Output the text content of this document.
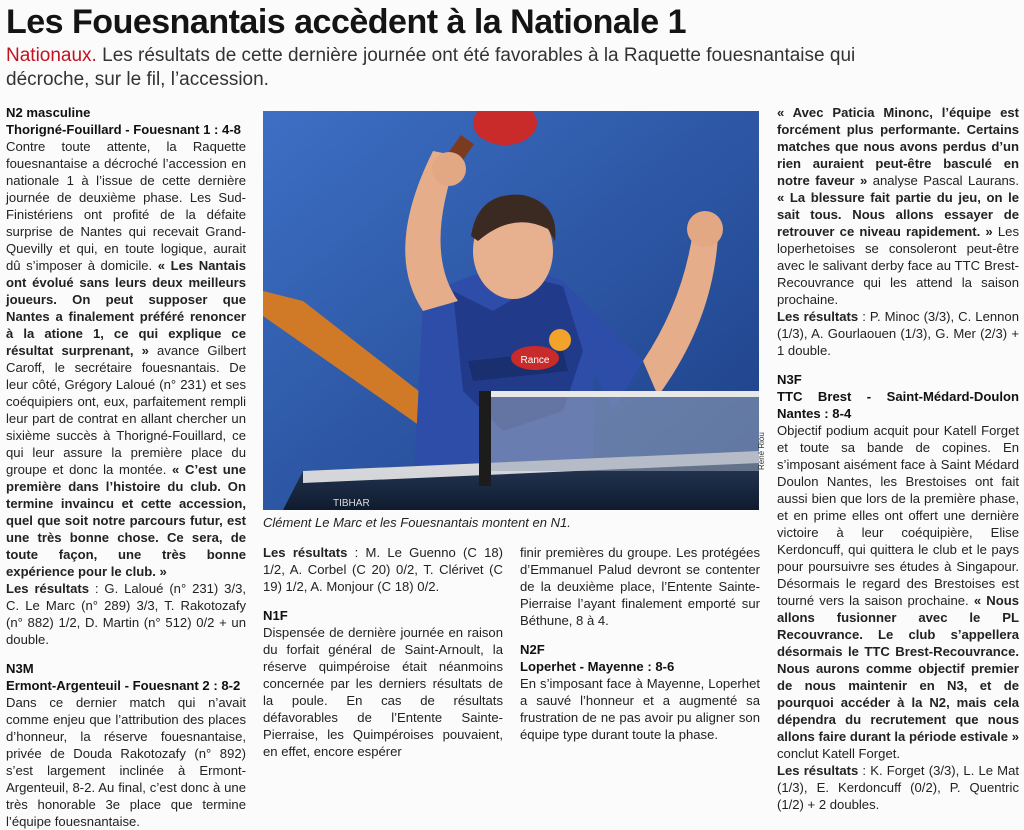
Les Fouesnantais accèdent à la Nationale 1
Nationaux. Les résultats de cette dernière journée ont été favorables à la Raquette fouesnantaise qui décroche, sur le fil, l’accession.

N2 masculine

Thorigné-Fouillard - Fouesnant 1 : 4-8

Contre toute attente, la Raquette fouesnantaise a décroché l’accession en nationale 1 à l’issue de cette dernière journée de deuxième phase. Les Sud-Finistériens ont profité de la défaite surprise de Nantes qui recevait Grand-Quevilly et qui, en toute logique, aurait dû s’imposer à domicile. « Les Nantais ont évolué sans leurs deux meilleurs joueurs. On peut supposer que Nantes a finalement préféré renoncer à la atione 1, ce qui explique ce résultat surprenant, » avance Gilbert Caroff, le secrétaire fouesnantais. De leur côté, Grégory Laloué (n° 231) et ses coéquipiers ont, eux, parfaitement rempli leur part de contrat en allant chercher un sixième succès à Thorigné-Fouillard, ce qui leur assure la première place du groupe et donc la montée. « C’est une première dans l’histoire du club. On termine invaincu et cette accession, quel que soit notre parcours futur, est une très bonne chose. Ce sera, de toute façon, une très bonne expérience pour le club. »

Les résultats : G. Laloué (n° 231) 3/3, C. Le Marc (n° 289) 3/3, T. Rakotozafy (n° 882) 1/2, D. Martin (n° 512) 0/2 + un double.

N3M

Ermont-Argenteuil - Fouesnant 2 : 8-2

Dans ce dernier match qui n’avait comme enjeu que l’attribution des places d’honneur, la réserve fouesnantaise, privée de Douda Rakotozafy (n° 892) s’est largement inclinée à Ermont-Argenteuil, 8-2. Au final, c’est donc à une très honorable 3e place que termine l’équipe fouesnantaise.

Rance
TIBHAR
René Riou
Clément Le Marc et les Fouesnantais montent en N1.

Les résultats : M. Le Guenno (C 18) 1/2, A. Corbel (C 20) 0/2, T. Clérivet (C 19) 1/2, A. Monjour (C 18) 0/2.

N1F

Dispensée de dernière journée en raison du forfait général de Saint-Arnoult, la réserve quimpéroise était néanmoins concernée par les derniers résultats de la poule. En cas de résultats défavorables de l’Entente Sainte-Pierraise, les Quimpéroises pouvaient, en effet, encore espérer

finir premières du groupe. Les protégées d’Emmanuel Palud devront se contenter de la deuxième place, l’Entente Sainte-Pierraise l’ayant finalement emporté sur Béthune, 8 à 4.

N2F

Loperhet - Mayenne : 8-6

En s’imposant face à Mayenne, Loperhet a sauvé l’honneur et a augmenté sa frustration de ne pas avoir pu aligner son équipe type durant toute la phase.

« Avec Paticia Minonc, l’équipe est forcément plus performante. Certains matches que nous avons perdus d’un rien auraient peut-être basculé en notre faveur » analyse Pascal Laurans. « La blessure fait partie du jeu, on le sait tous. Nous allons essayer de retrouver ce niveau rapidement. » Les loperhetoises se consoleront peut-être avec le salivant derby face au TTC Brest-Recouvrance qui les attend la saison prochaine.

Les résultats : P. Minoc (3/3), C. Lennon (1/3), A. Gourlaouen (1/3), G. Mer (2/3) + 1 double.

N3F

TTC Brest - Saint-Médard-Doulon Nantes : 8-4

Objectif podium acquit pour Katell Forget et toute sa bande de copines. En s’imposant aisément face à Saint Médard Doulon Nantes, les Brestoises ont fait aussi bien que lors de la première phase, et en prime elles ont offert une dernière victoire à leur coéquipière, Elise Kerdoncuff, qui quittera le club et le pays pour poursuivre ses études à Singapour. Désormais le regard des Brestoises est tourné vers la saison prochaine. « Nous allons fusionner avec le PL Recouvrance. Le club s’appellera désormais le TTC Brest-Recouvrance. Nous aurons comme objectif premier de nous maintenir en N3, et de pourquoi accéder à la N2, mais cela dépendra du recrutement que nous allons faire durant la période estivale » conclut Katell Forget.

Les résultats : K. Forget (3/3), L. Le Mat (1/3), E. Kerdoncuff (0/2), P. Quentric (1/2) + 2 doubles.
